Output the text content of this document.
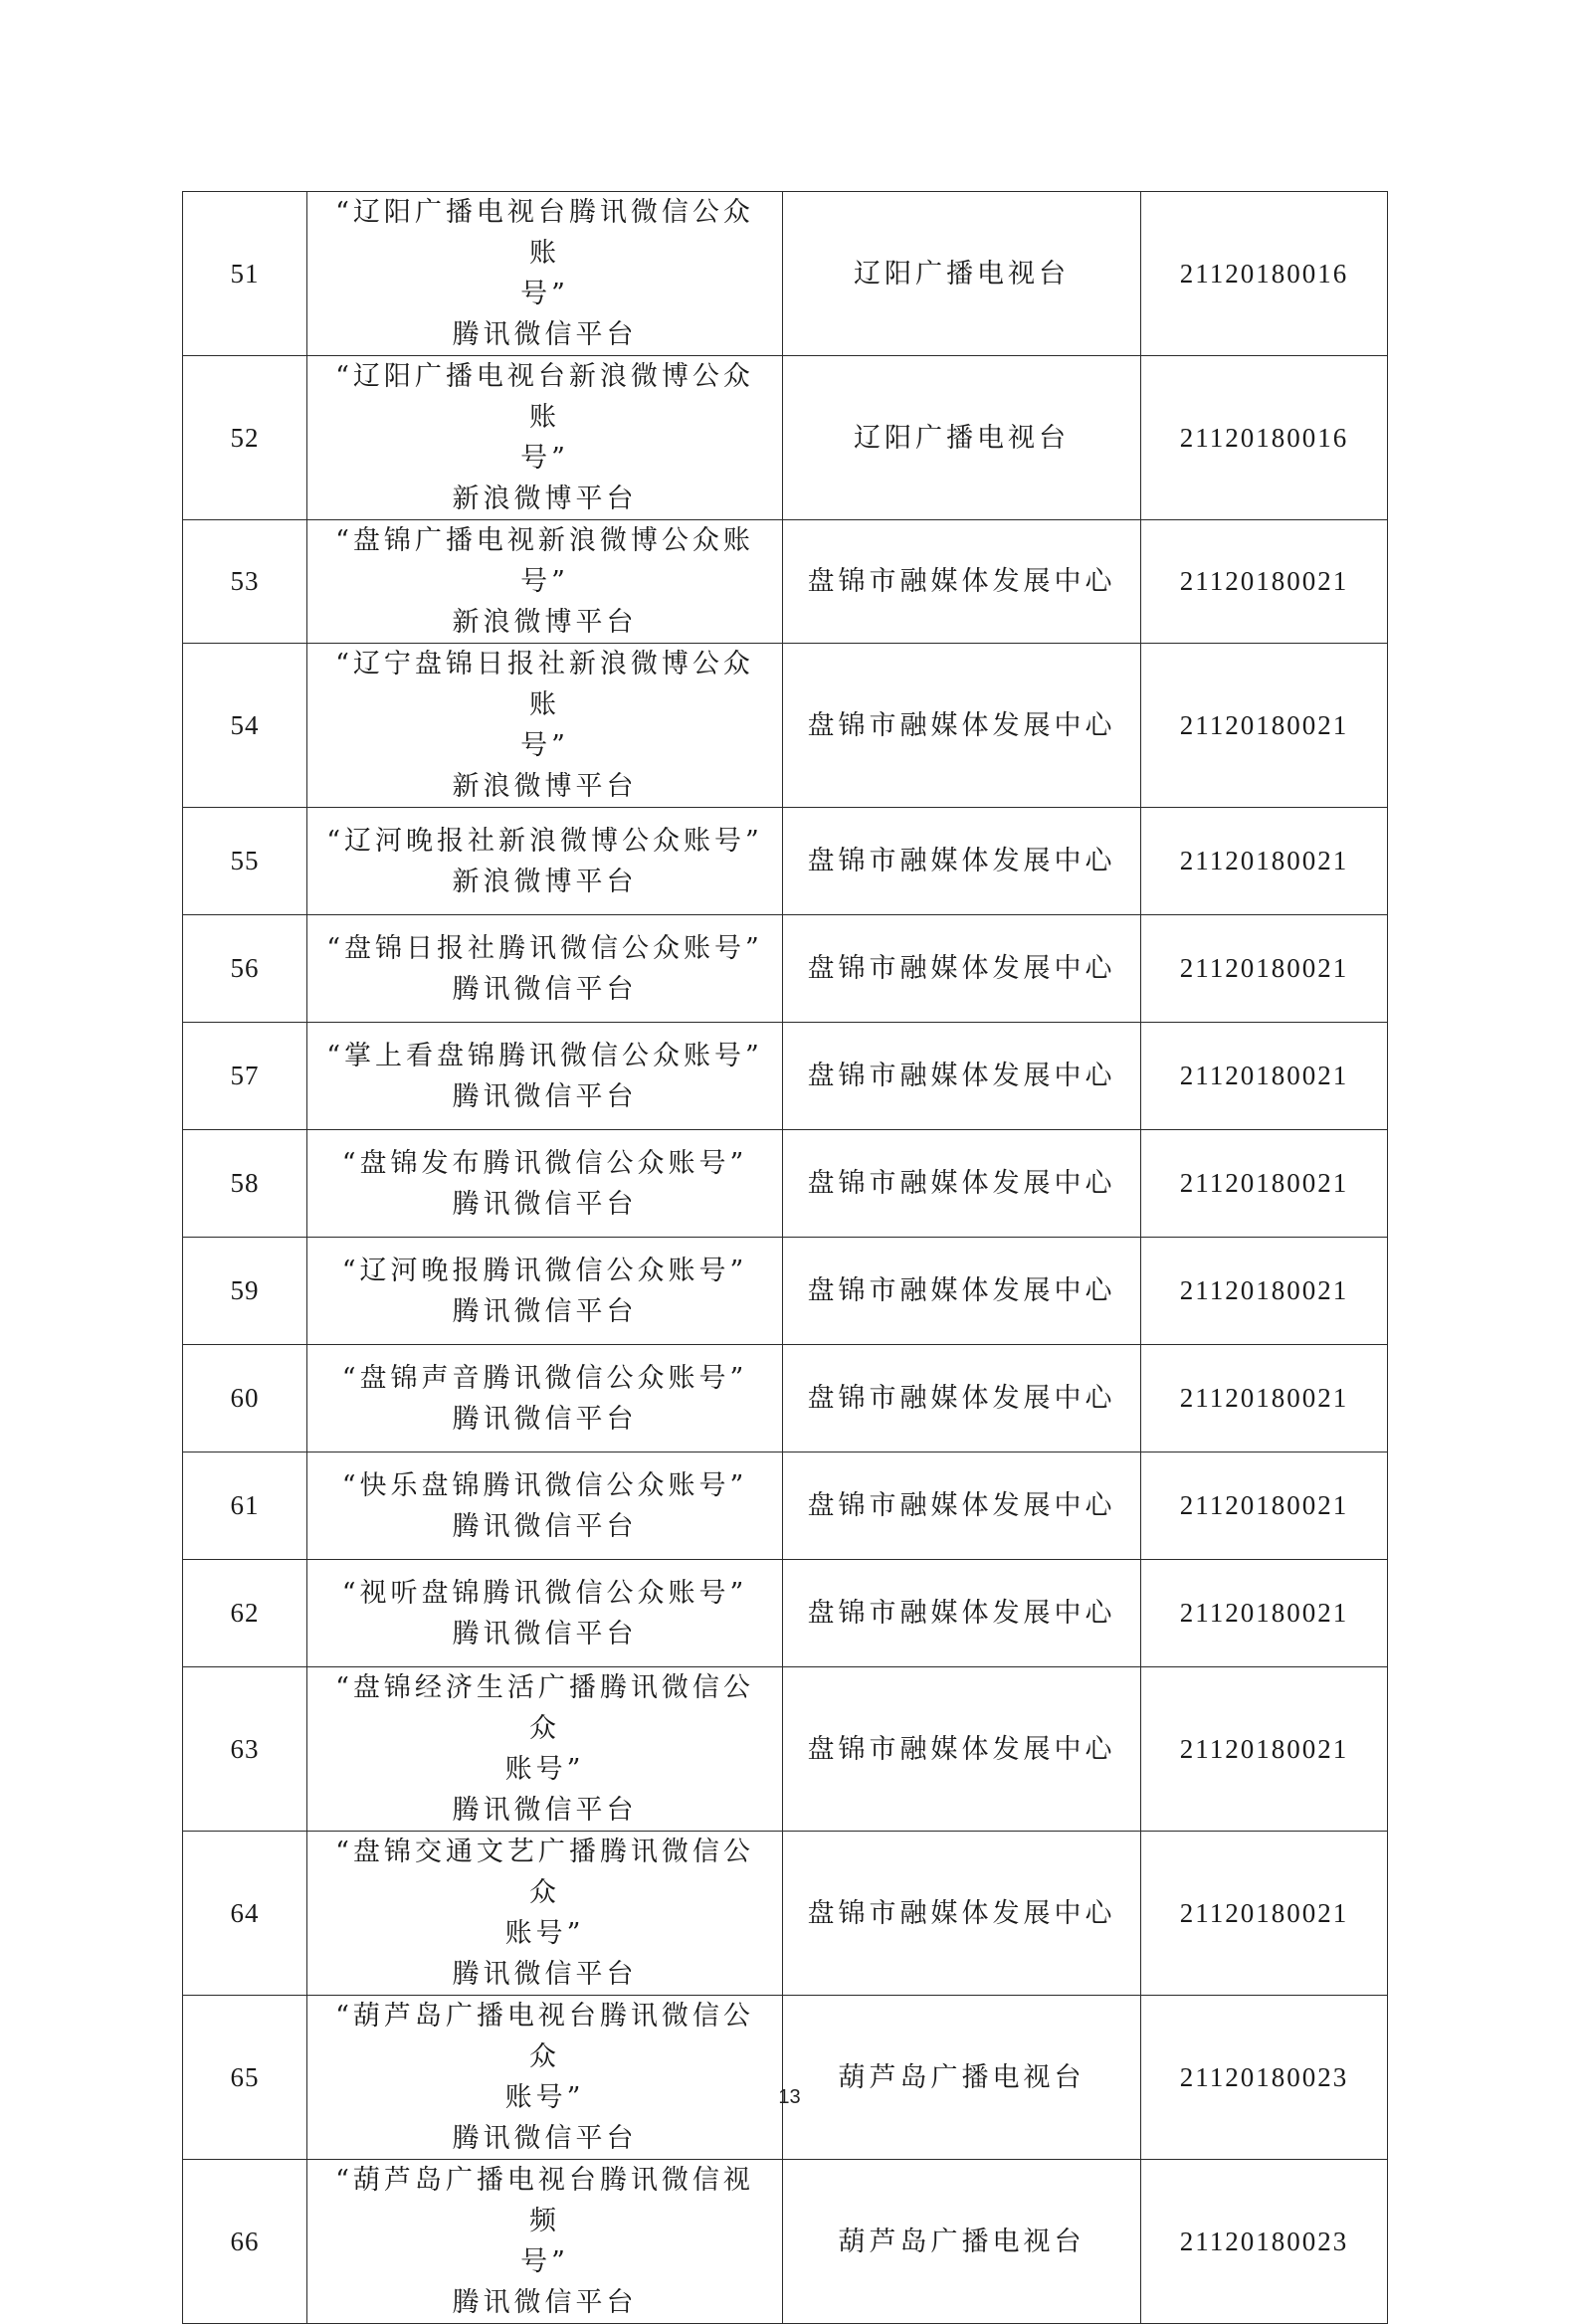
51	“辽阳广播电视台腾讯微信公众账
号”
腾讯微信平台	辽阳广播电视台	21120180016
52	“辽阳广播电视台新浪微博公众账
号”
新浪微博平台	辽阳广播电视台	21120180016
53	“盘锦广播电视新浪微博公众账号”
新浪微博平台	盘锦市融媒体发展中心	21120180021
54	“辽宁盘锦日报社新浪微博公众账
号”
新浪微博平台	盘锦市融媒体发展中心	21120180021
55	“辽河晚报社新浪微博公众账号”
新浪微博平台	盘锦市融媒体发展中心	21120180021
56	“盘锦日报社腾讯微信公众账号”
腾讯微信平台	盘锦市融媒体发展中心	21120180021
57	“掌上看盘锦腾讯微信公众账号”
腾讯微信平台	盘锦市融媒体发展中心	21120180021
58	“盘锦发布腾讯微信公众账号”
腾讯微信平台	盘锦市融媒体发展中心	21120180021
59	“辽河晚报腾讯微信公众账号”
腾讯微信平台	盘锦市融媒体发展中心	21120180021
60	“盘锦声音腾讯微信公众账号”
腾讯微信平台	盘锦市融媒体发展中心	21120180021
61	“快乐盘锦腾讯微信公众账号”
腾讯微信平台	盘锦市融媒体发展中心	21120180021
62	“视听盘锦腾讯微信公众账号”
腾讯微信平台	盘锦市融媒体发展中心	21120180021
63	“盘锦经济生活广播腾讯微信公众
账号”
腾讯微信平台	盘锦市融媒体发展中心	21120180021
64	“盘锦交通文艺广播腾讯微信公众
账号”
腾讯微信平台	盘锦市融媒体发展中心	21120180021
65	“葫芦岛广播电视台腾讯微信公众
账号”
腾讯微信平台	葫芦岛广播电视台	21120180023
66	“葫芦岛广播电视台腾讯微信视频
号”
腾讯微信平台	葫芦岛广播电视台	21120180023
13
